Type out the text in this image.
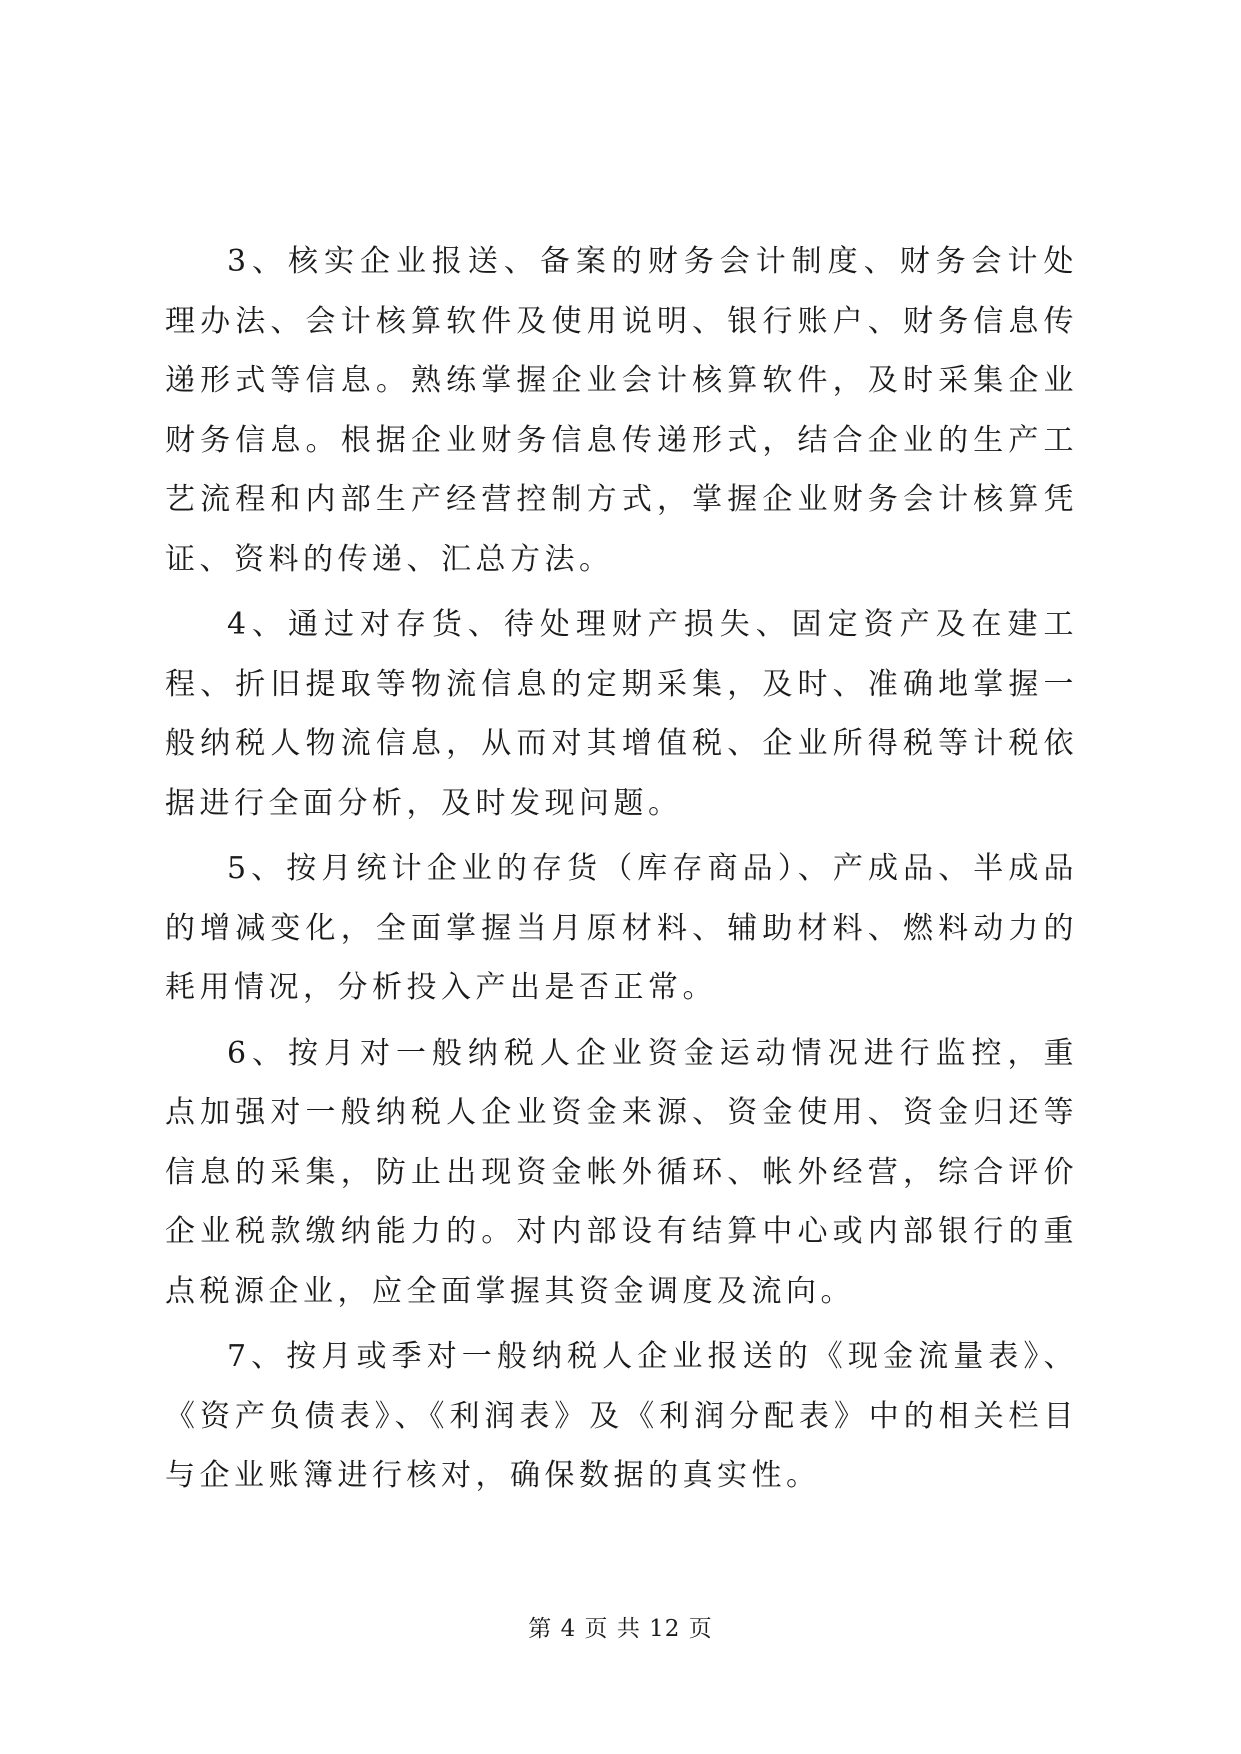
3、核实企业报送、备案的财务会计制度、财务会计处理办法、会计核算软件及使用说明、银行账户、财务信息传递形式等信息。熟练掌握企业会计核算软件，及时采集企业财务信息。根据企业财务信息传递形式，结合企业的生产工艺流程和内部生产经营控制方式，掌握企业财务会计核算凭证、资料的传递、汇总方法。

4、通过对存货、待处理财产损失、固定资产及在建工程、折旧提取等物流信息的定期采集，及时、准确地掌握一般纳税人物流信息，从而对其增值税、企业所得税等计税依据进行全面分析，及时发现问题。

5、按月统计企业的存货（库存商品）、产成品、半成品的增减变化，全面掌握当月原材料、辅助材料、燃料动力的耗用情况，分析投入产出是否正常。

6、按月对一般纳税人企业资金运动情况进行监控，重点加强对一般纳税人企业资金来源、资金使用、资金归还等信息的采集，防止出现资金帐外循环、帐外经营，综合评价企业税款缴纳能力的。对内部设有结算中心或内部银行的重点税源企业，应全面掌握其资金调度及流向。

7、按月或季对一般纳税人企业报送的《现金流量表》、《资产负债表》、《利润表》及《利润分配表》中的相关栏目与企业账簿进行核对，确保数据的真实性。

第 4 页 共 12 页
